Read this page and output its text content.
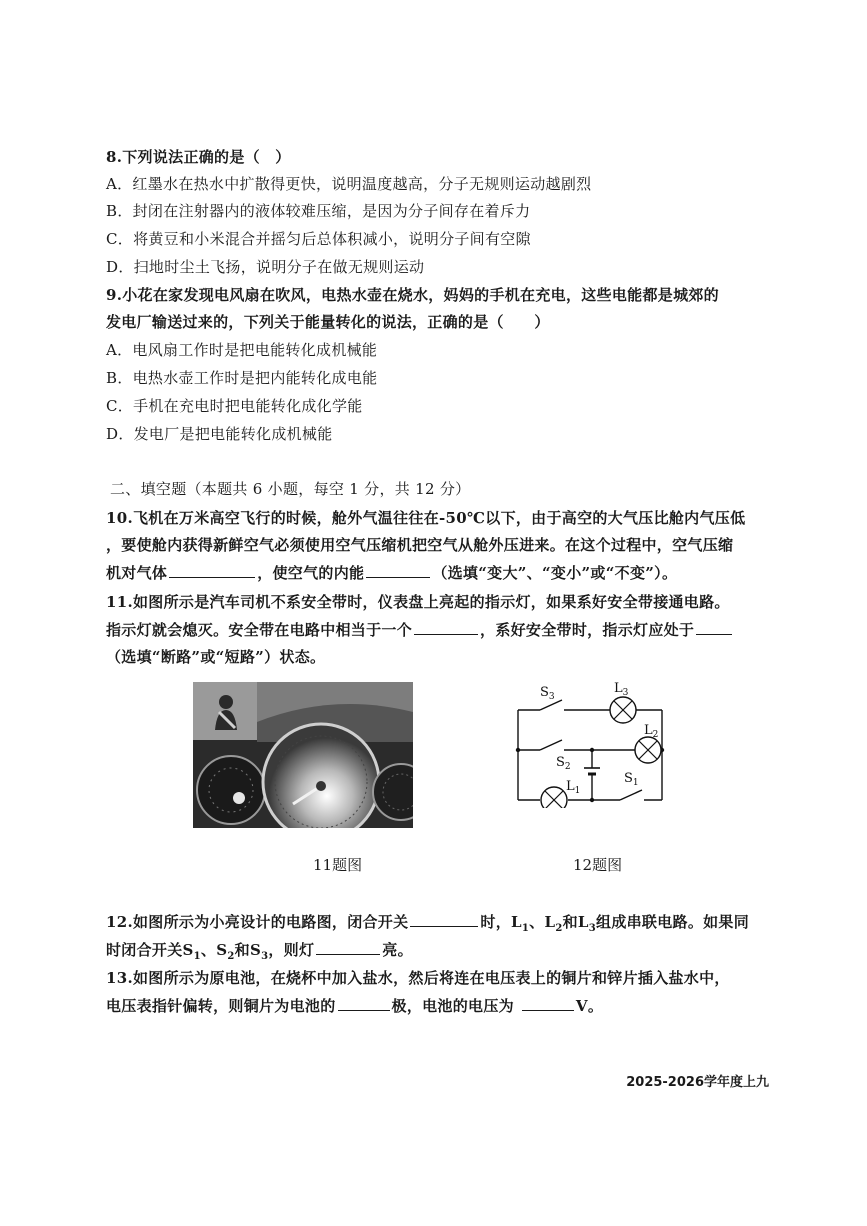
8.下列说法正确的是（　）
A．红墨水在热水中扩散得更快，说明温度越高，分子无规则运动越剧烈
B．封闭在注射器内的液体较难压缩，是因为分子间存在着斥力
C．将黄豆和小米混合并摇匀后总体积减小，说明分子间有空隙
D．扫地时尘土飞扬，说明分子在做无规则运动
9.小花在家发现电风扇在吹风，电热水壶在烧水，妈妈的手机在充电，这些电能都是城郊的
发电厂输送过来的，下列关于能量转化的说法，正确的是（　　）
A．电风扇工作时是把电能转化成机械能
B．电热水壶工作时是把内能转化成电能
C．手机在充电时把电能转化成化学能
D．发电厂是把电能转化成机械能
二、填空题（本题共 6 小题，每空 1 分，共 12 分）
10.飞机在万米高空飞行的时候，舱外气温往往在-50℃以下，由于高空的大气压比舱内气压低
，要使舱内获得新鲜空气必须使用空气压缩机把空气从舱外压进来。在这个过程中，空气压缩
机对气体	，使空气的内能	（选填“变大”、“变小”或“不变”）。
11.如图所示是汽车司机不系安全带时，仪表盘上亮起的指示灯，如果系好安全带接通电路。
指示灯就会熄灭。安全带在电路中相当于一个	，系好安全带时，指示灯应处于
（选填“断路”或“短路”）状态。
11题图
$S_3$
$L_3$
$L_2$
$S_2$
$L_1$
$S_1$
12题图
12.如图所示为小亮设计的电路图，闭合开关	时，$L_1$、$L_2$和$L_3$组成串联电路。如果同
时闭合开关$S_1$、$S_2$和$S_3$，则灯	亮。
13.如图所示为原电池，在烧杯中加入盐水，然后将连在电压表上的铜片和锌片插入盐水中，
电压表指针偏转，则铜片为电池的	极，电池的电压为	V。
2025-2026学年度上九
